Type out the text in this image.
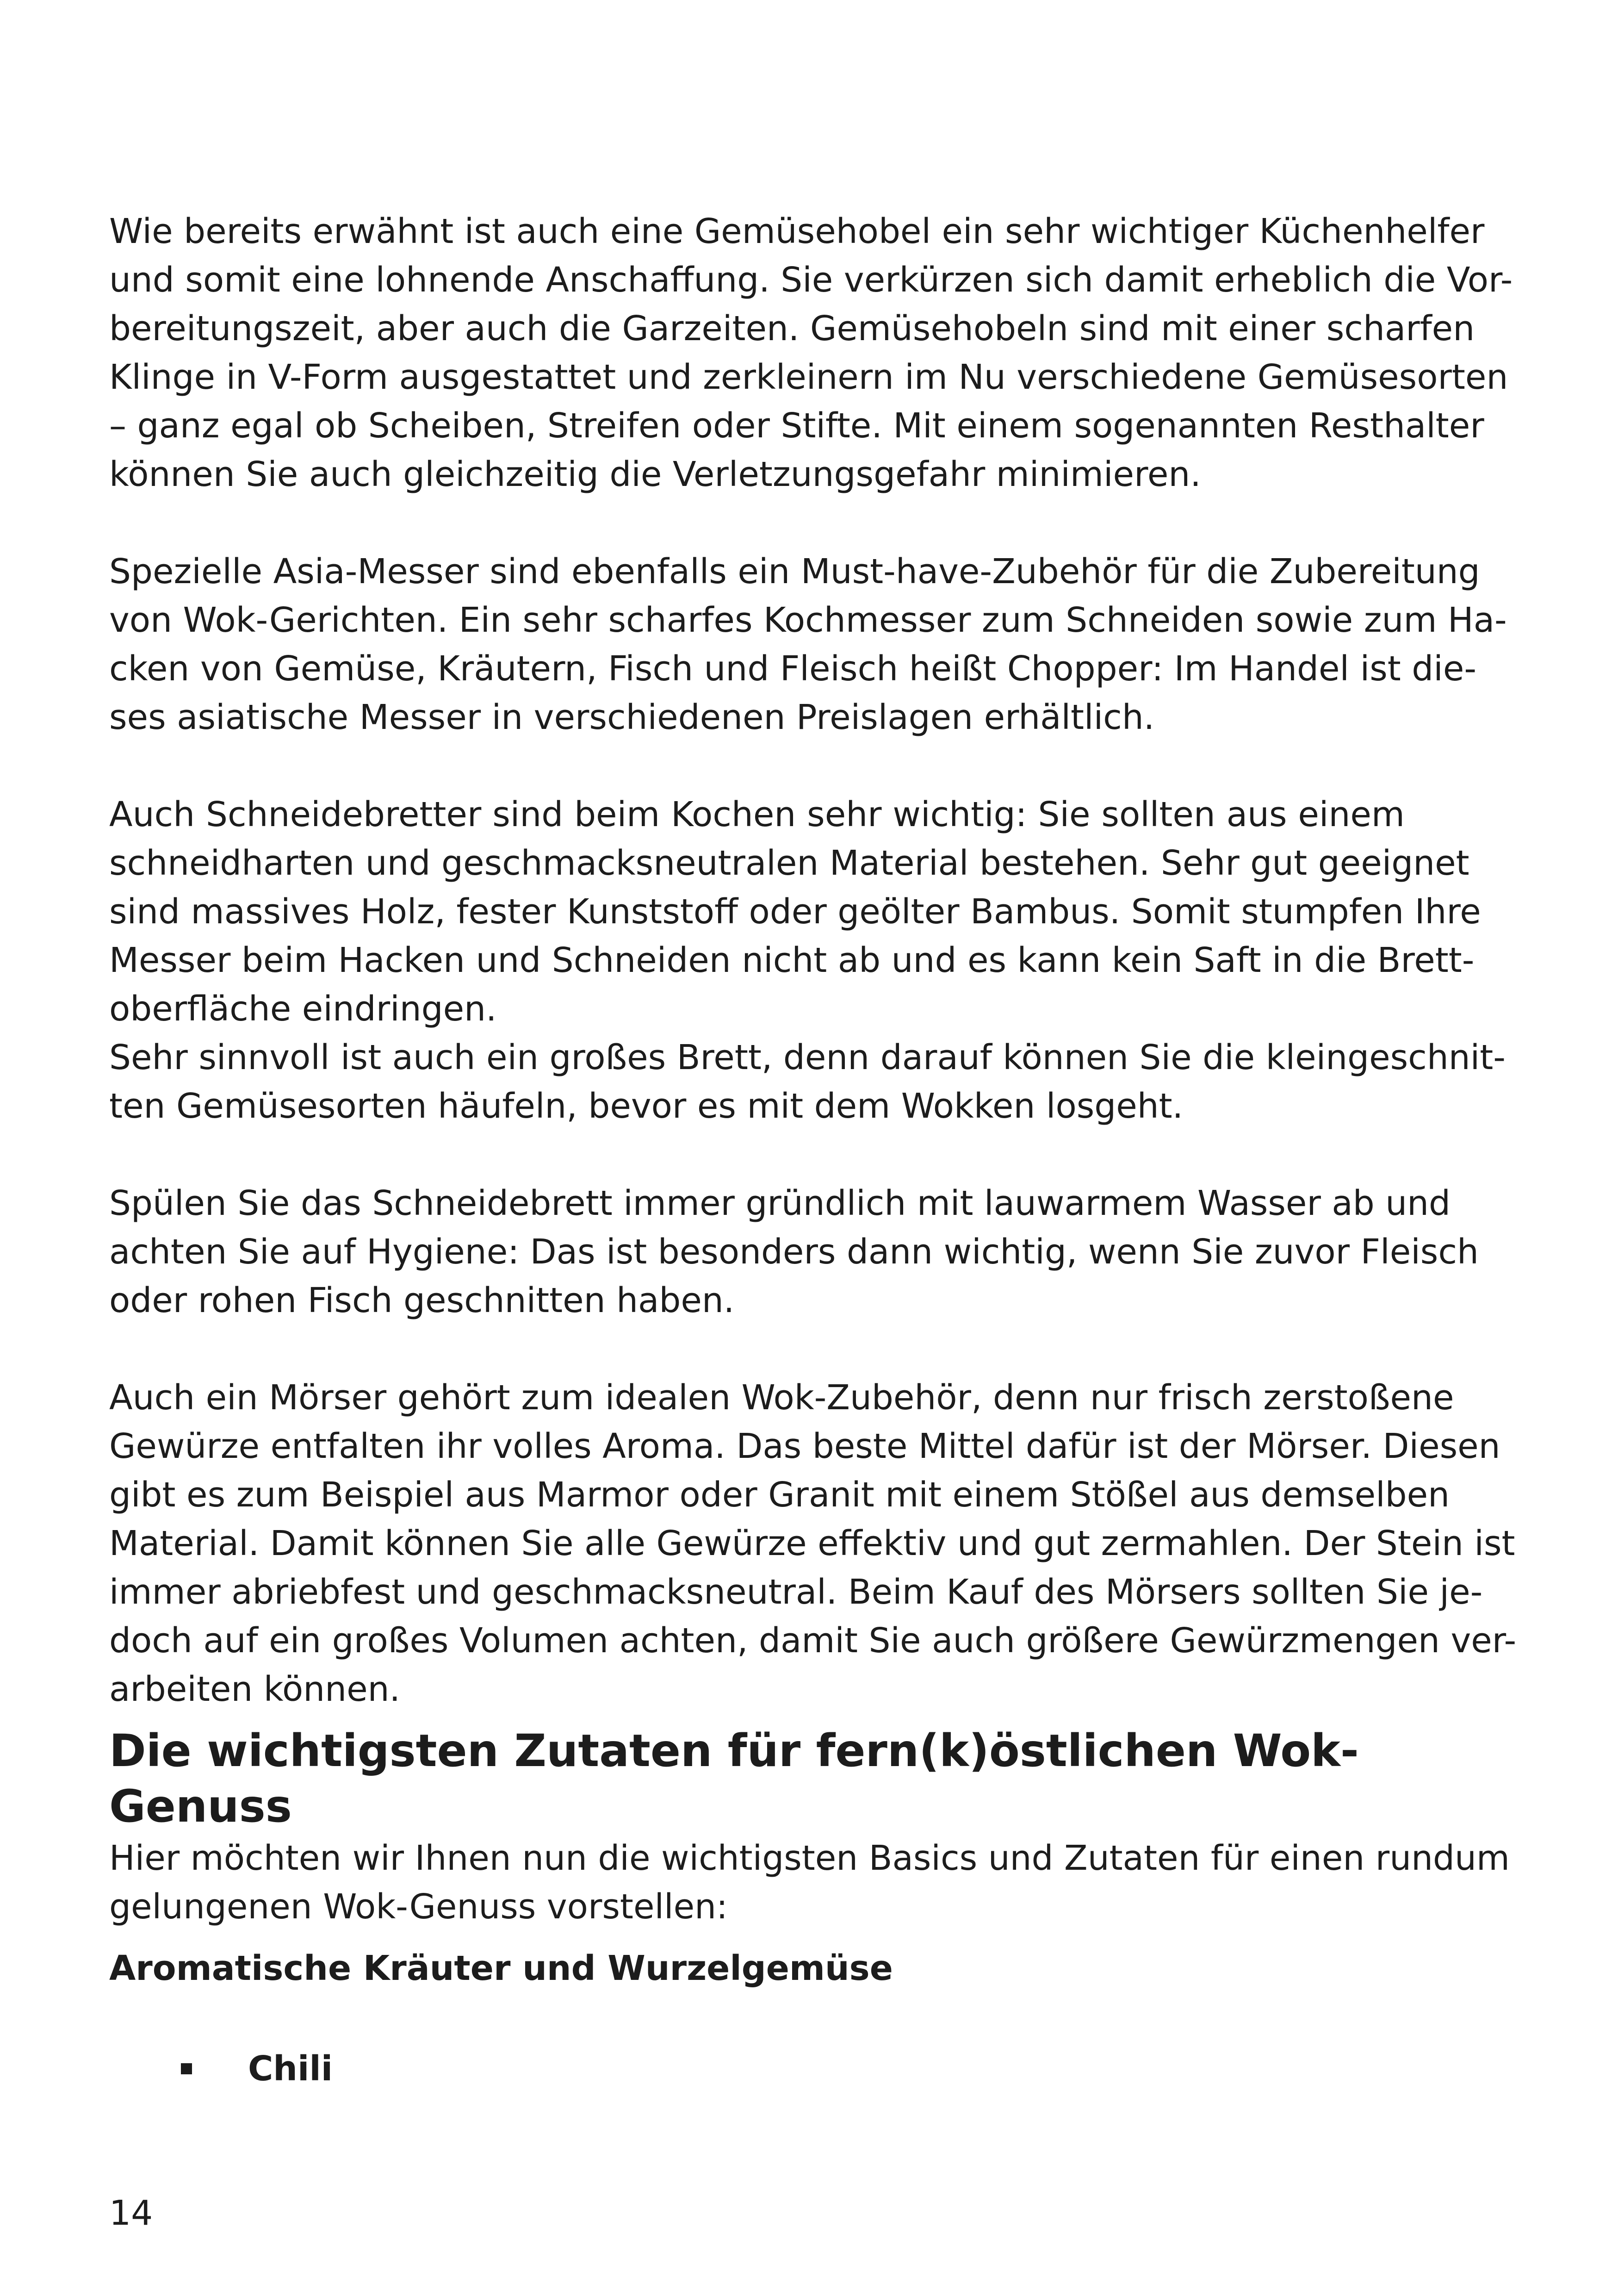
Wie bereits erwähnt ist auch eine Gemüsehobel ein sehr wichtiger Küchenhelfer
und somit eine lohnende Anschaffung. Sie verkürzen sich damit erheblich die Vor-
bereitungszeit, aber auch die Garzeiten. Gemüsehobeln sind mit einer scharfen
Klinge in V-Form ausgestattet und zerkleinern im Nu verschiedene Gemüsesorten
– ganz egal ob Scheiben, Streifen oder Stifte. Mit einem sogenannten Resthalter
können Sie auch gleichzeitig die Verletzungsgefahr minimieren.

Spezielle Asia-Messer sind ebenfalls ein Must-have-Zubehör für die Zubereitung
von Wok-Gerichten. Ein sehr scharfes Kochmesser zum Schneiden sowie zum Ha-
cken von Gemüse, Kräutern, Fisch und Fleisch heißt Chopper: Im Handel ist die-
ses asiatische Messer in verschiedenen Preislagen erhältlich.

Auch Schneidebretter sind beim Kochen sehr wichtig: Sie sollten aus einem
schneidharten und geschmacksneutralen Material bestehen. Sehr gut geeignet
sind massives Holz, fester Kunststoff oder geölter Bambus. Somit stumpfen Ihre
Messer beim Hacken und Schneiden nicht ab und es kann kein Saft in die Brett-
oberfläche eindringen.

Sehr sinnvoll ist auch ein großes Brett, denn darauf können Sie die kleingeschnit-
ten Gemüsesorten häufeln, bevor es mit dem Wokken losgeht.

Spülen Sie das Schneidebrett immer gründlich mit lauwarmem Wasser ab und
achten Sie auf Hygiene: Das ist besonders dann wichtig, wenn Sie zuvor Fleisch
oder rohen Fisch geschnitten haben.

Auch ein Mörser gehört zum idealen Wok-Zubehör, denn nur frisch zerstoßene
Gewürze entfalten ihr volles Aroma. Das beste Mittel dafür ist der Mörser. Diesen
gibt es zum Beispiel aus Marmor oder Granit mit einem Stößel aus demselben
Material. Damit können Sie alle Gewürze effektiv und gut zermahlen. Der Stein ist
immer abriebfest und geschmacksneutral. Beim Kauf des Mörsers sollten Sie je-
doch auf ein großes Volumen achten, damit Sie auch größere Gewürzmengen ver-
arbeiten können.

Die wichtigsten Zutaten für fern(k)östlichen Wok-Genuss

Hier möchten wir Ihnen nun die wichtigsten Basics und Zutaten für einen rundum
gelungenen Wok-Genuss vorstellen:

Aromatische Kräuter und Wurzelgemüse
Chili
14
